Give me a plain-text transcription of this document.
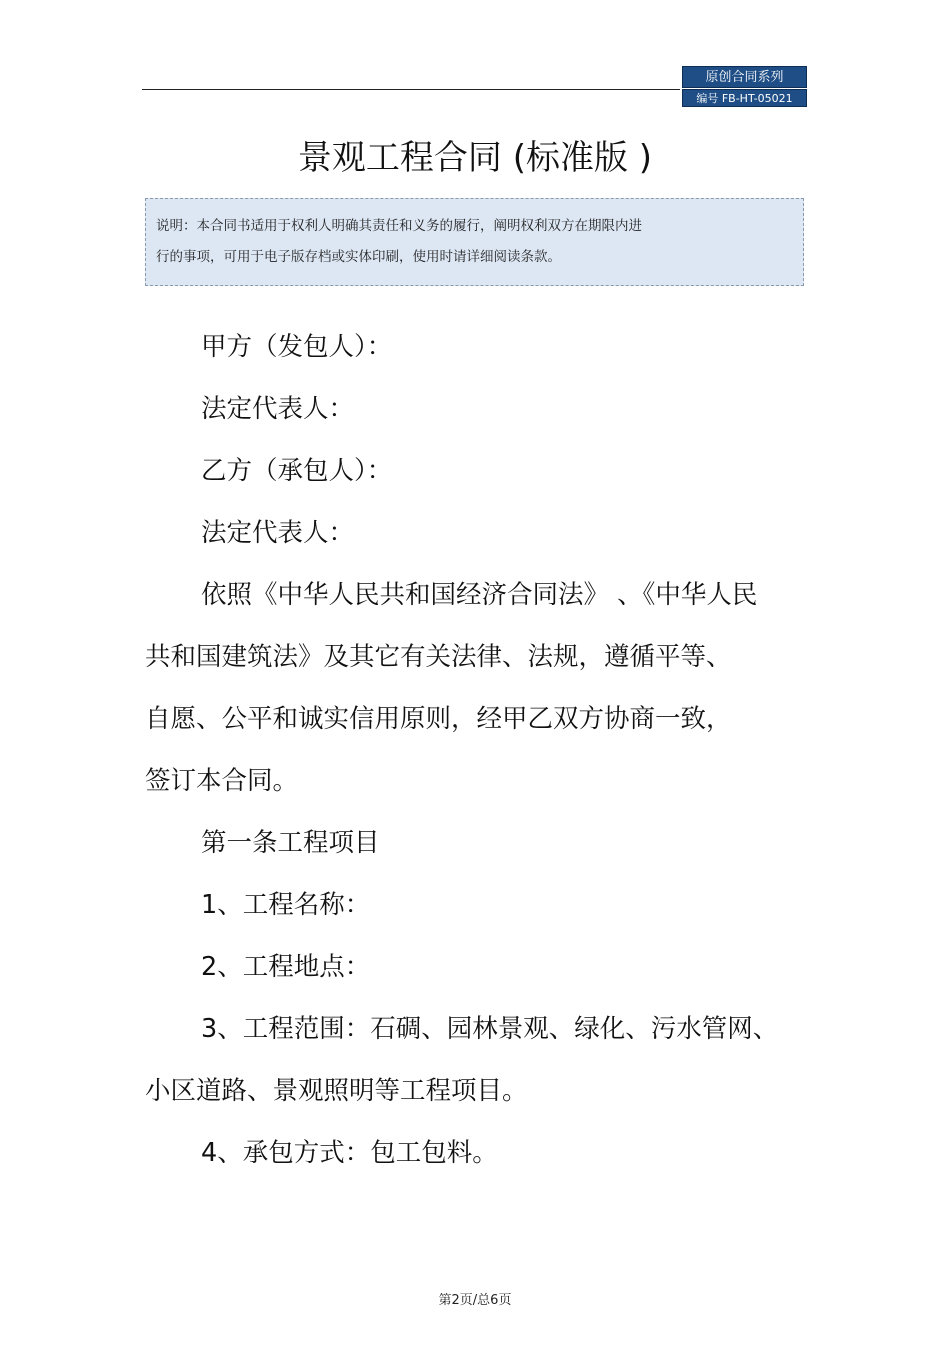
原创合同系列
编号 FB-HT-05021
景观工程合同 (标准版 )

说明：本合同书适用于权利人明确其责任和义务的履行，阐明权利双方在期限内进

行的事项，可用于电子版存档或实体印刷，使用时请详细阅读条款。

甲方（发包人）：

法定代表人：

乙方（承包人）：

法定代表人：

依照《中华人民共和国经济合同法》 、《中华人民

共和国建筑法》及其它有关法律、法规，遵循平等、

自愿、公平和诚实信用原则，经甲乙双方协商一致，

签订本合同。

第一条工程项目

1、工程名称：

2、工程地点：

3、工程范围：石碉、园林景观、绿化、污水管网、

小区道路、景观照明等工程项目。

4、承包方式：包工包料。

第2页/总6页
